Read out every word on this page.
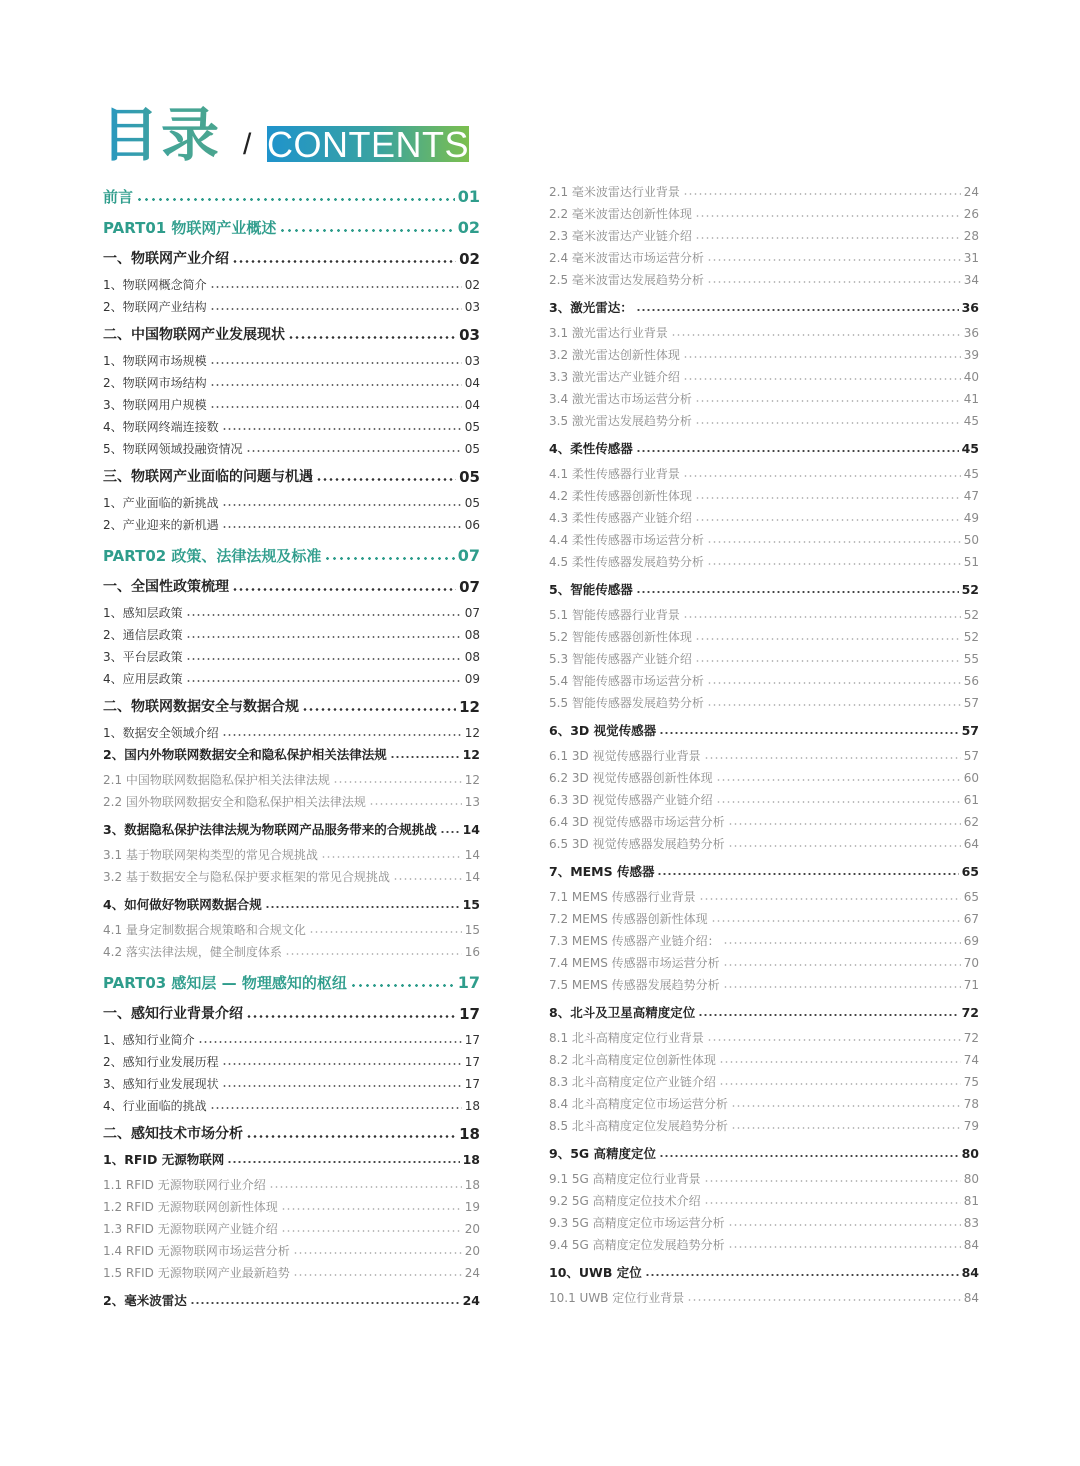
目录 / CONTENTS
前言	01
PART01 物联网产业概述	02
一、物联网产业介绍	02
1、物联网概念简介	02
2、物联网产业结构	03
二、中国物联网产业发展现状	03
1、物联网市场规模	03
2、物联网市场结构	04
3、物联网用户规模	04
4、物联网终端连接数	05
5、物联网领域投融资情况	05
三、物联网产业面临的问题与机遇	05
1、产业面临的新挑战	05
2、产业迎来的新机遇	06
PART02 政策、法律法规及标准	07
一、全国性政策梳理	07
1、感知层政策	07
2、通信层政策	08
3、平台层政策	08
4、应用层政策	09
二、物联网数据安全与数据合规	12
1、数据安全领域介绍	12
2、国内外物联网数据安全和隐私保护相关法律法规	12
2.1 中国物联网数据隐私保护相关法律法规	12
2.2 国外物联网数据安全和隐私保护相关法律法规	13
3、数据隐私保护法律法规为物联网产品服务带来的合规挑战 14
3.1 基于物联网架构类型的常见合规挑战	14
3.2 基于数据安全与隐私保护要求框架的常见合规挑战	14
4、如何做好物联网数据合规	15
4.1 量身定制数据合规策略和合规文化	15
4.2 落实法律法规，健全制度体系	16
PART03 感知层 — 物理感知的枢纽	17
一、感知行业背景介绍	17
1、感知行业简介	17
2、感知行业发展历程	17
3、感知行业发展现状	17
4、行业面临的挑战	18
二、感知技术市场分析	18
1、RFID 无源物联网	18
1.1 RFID 无源物联网行业介绍	18
1.2 RFID 无源物联网创新性体现	19
1.3 RFID 无源物联网产业链介绍	20
1.4 RFID 无源物联网市场运营分析	20
1.5 RFID 无源物联网产业最新趋势	24
2、毫米波雷达	24
2.1 毫米波雷达行业背景	24
2.2 毫米波雷达创新性体现	26
2.3 毫米波雷达产业链介绍	28
2.4 毫米波雷达市场运营分析	31
2.5 毫米波雷达发展趋势分析	34
3、激光雷达：	36
3.1 激光雷达行业背景	36
3.2 激光雷达创新性体现	39
3.3 激光雷达产业链介绍	40
3.4 激光雷达市场运营分析	41
3.5 激光雷达发展趋势分析	45
4、柔性传感器	45
4.1 柔性传感器行业背景	45
4.2 柔性传感器创新性体现	47
4.3 柔性传感器产业链介绍	49
4.4 柔性传感器市场运营分析	50
4.5 柔性传感器发展趋势分析	51
5、智能传感器	52
5.1 智能传感器行业背景	52
5.2 智能传感器创新性体现	52
5.3 智能传感器产业链介绍	55
5.4 智能传感器市场运营分析	56
5.5 智能传感器发展趋势分析	57
6、3D 视觉传感器	57
6.1 3D 视觉传感器行业背景	57
6.2 3D 视觉传感器创新性体现	60
6.3 3D 视觉传感器产业链介绍	61
6.4 3D 视觉传感器市场运营分析	62
6.5 3D 视觉传感器发展趋势分析	64
7、MEMS 传感器	65
7.1 MEMS 传感器行业背景	65
7.2 MEMS 传感器创新性体现	67
7.3 MEMS 传感器产业链介绍：	69
7.4 MEMS 传感器市场运营分析	70
7.5 MEMS 传感器发展趋势分析	71
8、北斗及卫星高精度定位	72
8.1 北斗高精度定位行业背景	72
8.2 北斗高精度定位创新性体现	74
8.3 北斗高精度定位产业链介绍	75
8.4 北斗高精度定位市场运营分析	78
8.5 北斗高精度定位发展趋势分析	79
9、5G 高精度定位	80
9.1 5G 高精度定位行业背景	80
9.2 5G 高精度定位技术介绍	81
9.3 5G 高精度定位市场运营分析	83
9.4 5G 高精度定位发展趋势分析	84
10、UWB 定位	84
10.1 UWB 定位行业背景	84
